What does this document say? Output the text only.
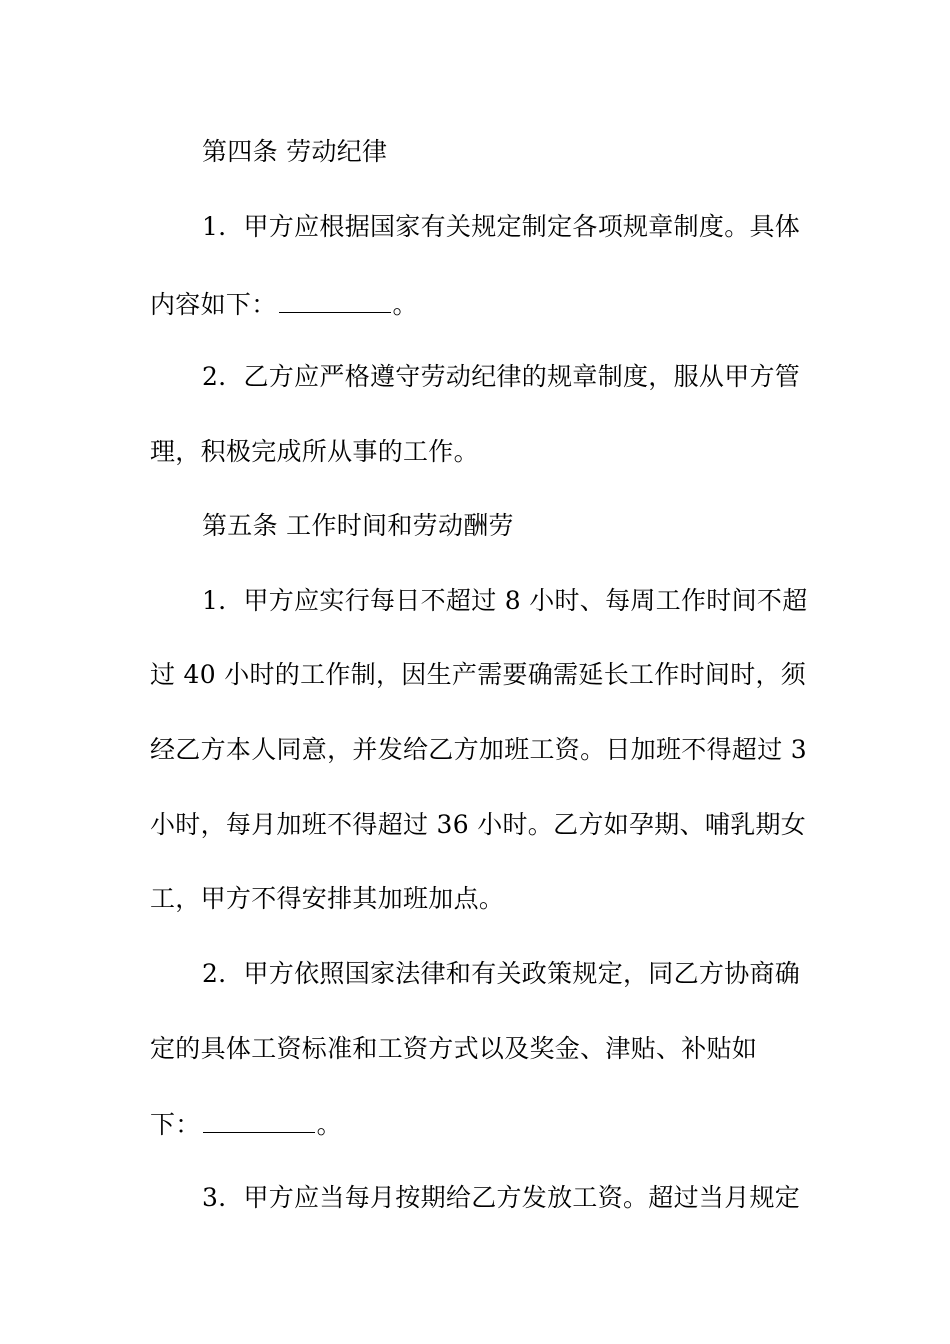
第四条 劳动纪律
1．甲方应根据国家有关规定制定各项规章制度。具体
内容如下：	。
2．乙方应严格遵守劳动纪律的规章制度，服从甲方管
理，积极完成所从事的工作。
第五条 工作时间和劳动酬劳
1．甲方应实行每日不超过 8 小时、每周工作时间不超
过 40 小时的工作制，因生产需要确需延长工作时间时，须
经乙方本人同意，并发给乙方加班工资。日加班不得超过 3
小时，每月加班不得超过 36 小时。乙方如孕期、哺乳期女
工，甲方不得安排其加班加点。
2．甲方依照国家法律和有关政策规定，同乙方协商确
定的具体工资标准和工资方式以及奖金、津贴、补贴如
下：	。
3．甲方应当每月按期给乙方发放工资。超过当月规定
